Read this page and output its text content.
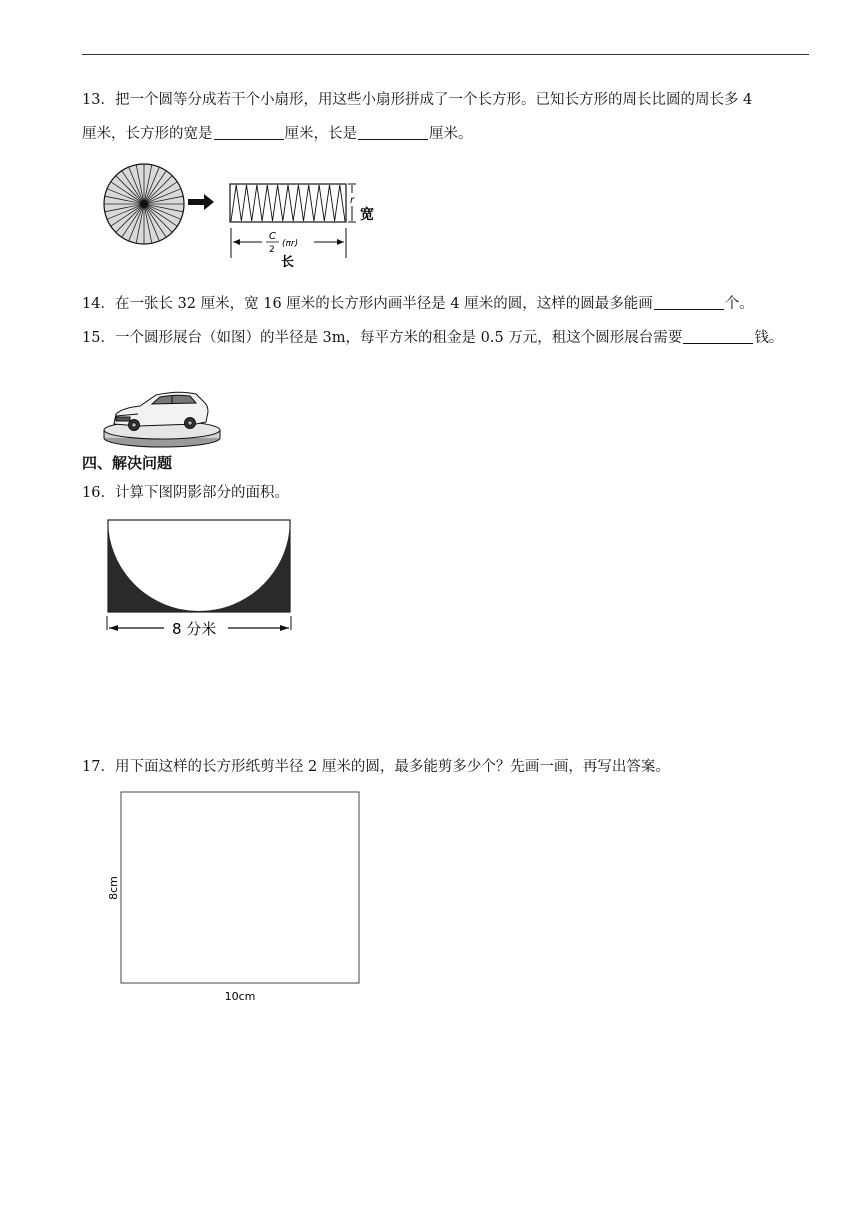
13．把一个圆等分成若干个小扇形，用这些小扇形拼成了一个长方形。已知长方形的周长比圆的周长多 4
厘米，长方形的宽是	厘米，长是	厘米。
r
宽
C
2
(πr)
长
14．在一张长 32 厘米，宽 16 厘米的长方形内画半径是 4 厘米的圆，这样的圆最多能画	个。
15．一个圆形展台（如图）的半径是 3m，每平方米的租金是 0.5 万元，租这个圆形展台需要	钱。
四、解决问题
16．计算下图阴影部分的面积。
8 分米
17．用下面这样的长方形纸剪半径 2 厘米的圆，最多能剪多少个？先画一画，再写出答案。
8cm
10cm
